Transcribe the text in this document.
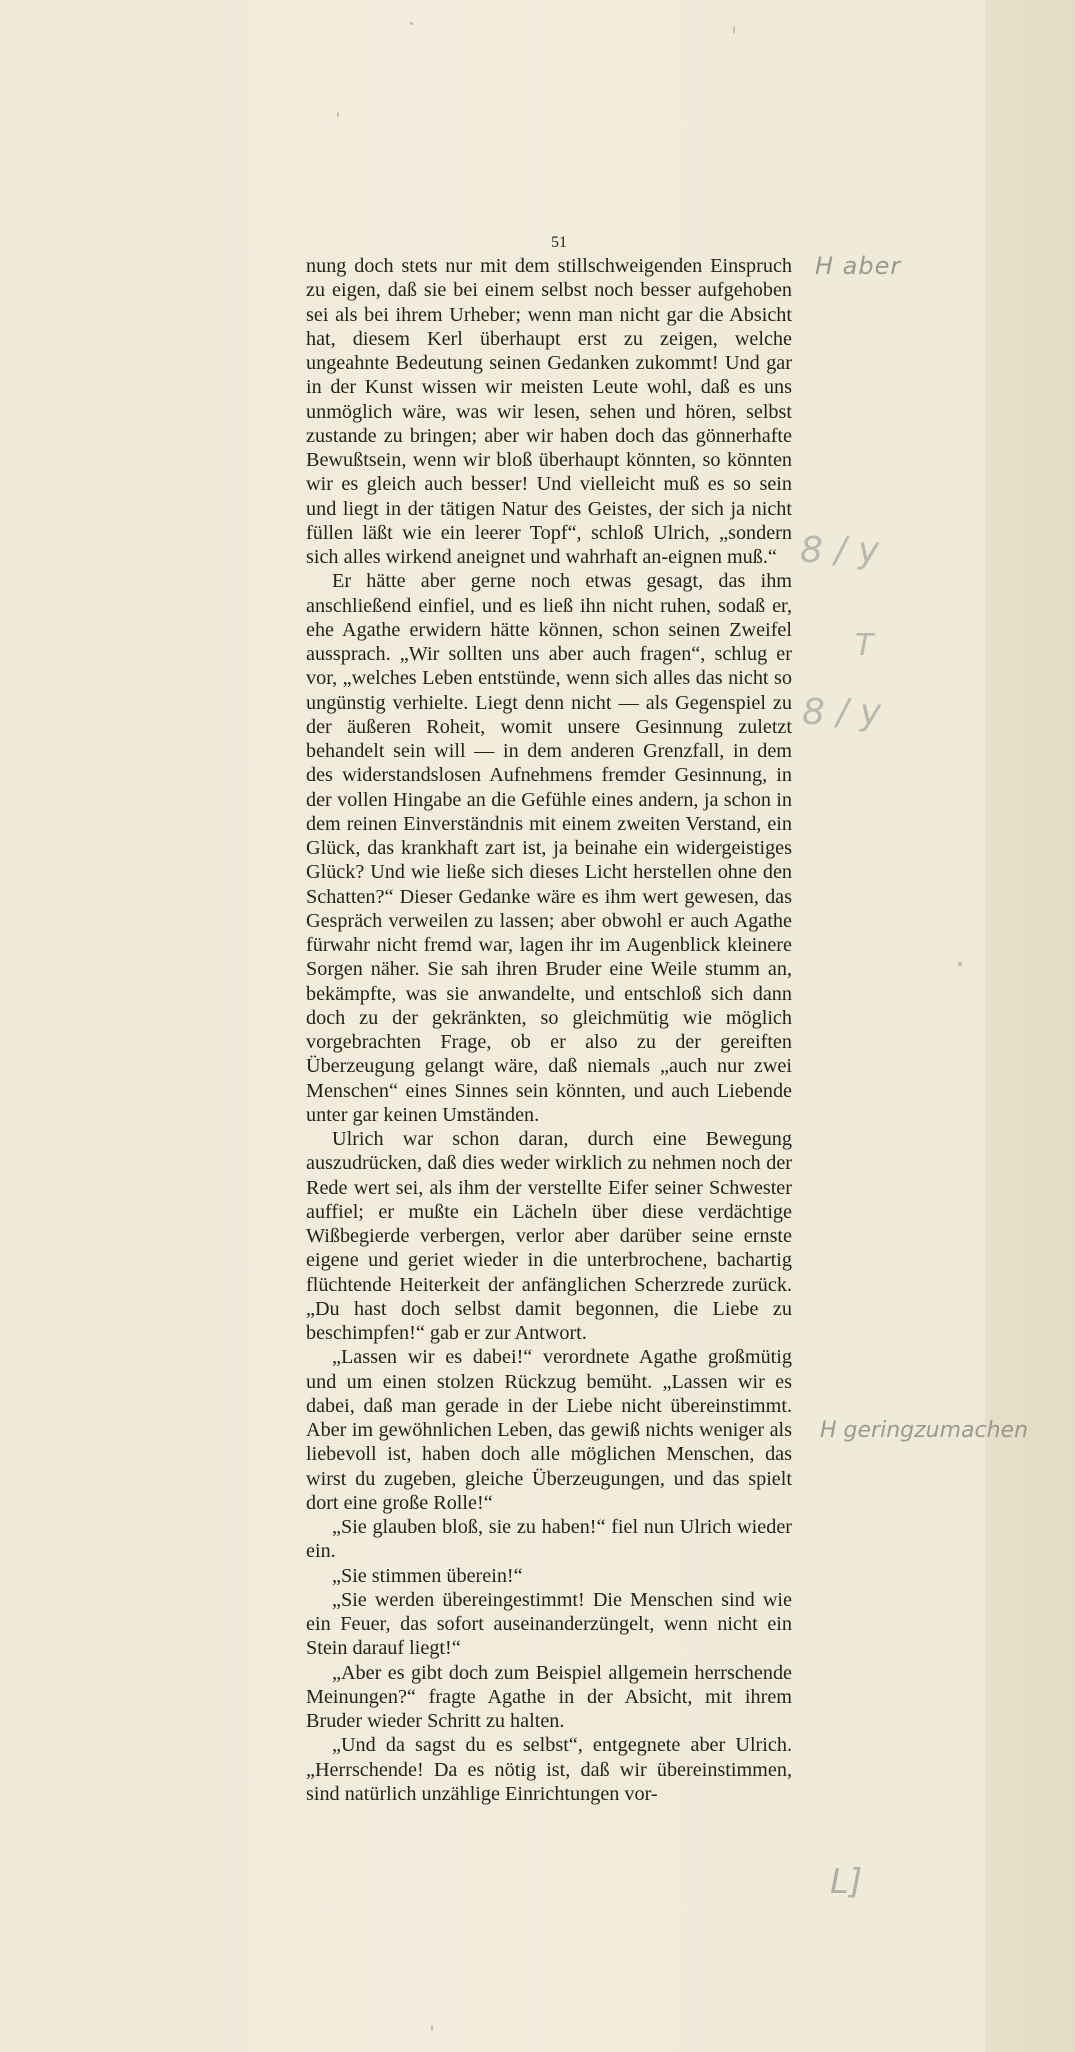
51

nung doch stets nur mit dem stillschweigenden Einspruch zu eigen, daß sie bei einem selbst noch besser aufgehoben sei als bei ihrem Urheber; wenn man nicht gar die Absicht hat, diesem Kerl überhaupt erst zu zeigen, welche ungeahnte Bedeutung seinen Gedanken zukommt! Und gar in der Kunst wissen wir meisten Leute wohl, daß es uns unmöglich wäre, was wir lesen, sehen und hören, selbst zustande zu bringen; aber wir haben doch das gönnerhafte Bewußtsein, wenn wir bloß überhaupt könnten, so könnten wir es gleich auch besser! Und vielleicht muß es so sein und liegt in der tätigen Natur des Geistes, der sich ja nicht füllen läßt wie ein leerer Topf“, schloß Ulrich, „sondern sich alles wirkend aneignet und wahrhaft an-eignen muß.“

Er hätte aber gerne noch etwas gesagt, das ihm anschließend einfiel, und es ließ ihn nicht ruhen, sodaß er, ehe Agathe erwidern hätte können, schon seinen Zweifel aussprach. „Wir sollten uns aber auch fragen“, schlug er vor, „welches Leben entstünde, wenn sich alles das nicht so ungünstig verhielte. Liegt denn nicht — als Gegenspiel zu der äußeren Roheit, womit unsere Gesinnung zuletzt behandelt sein will — in dem anderen Grenzfall, in dem des widerstandslosen Aufnehmens fremder Gesinnung, in der vollen Hingabe an die Gefühle eines andern, ja schon in dem reinen Einverständnis mit einem zweiten Verstand, ein Glück, das krankhaft zart ist, ja beinahe ein widergeistiges Glück? Und wie ließe sich dieses Licht herstellen ohne den Schatten?“ Dieser Gedanke wäre es ihm wert gewesen, das Gespräch verweilen zu lassen; aber obwohl er auch Agathe fürwahr nicht fremd war, lagen ihr im Augenblick kleinere Sorgen näher. Sie sah ihren Bruder eine Weile stumm an, bekämpfte, was sie anwandelte, und entschloß sich dann doch zu der gekränkten, so gleichmütig wie möglich vorgebrachten Frage, ob er also zu der gereiften Überzeugung gelangt wäre, daß niemals „auch nur zwei Menschen“ eines Sinnes sein könnten, und auch Liebende unter gar keinen Umständen.

Ulrich war schon daran, durch eine Bewegung auszudrücken, daß dies weder wirklich zu nehmen noch der Rede wert sei, als ihm der verstellte Eifer seiner Schwester auffiel; er mußte ein Lächeln über diese verdächtige Wißbegierde verbergen, verlor aber darüber seine ernste eigene und geriet wieder in die unterbrochene, bachartig flüchtende Heiterkeit der anfänglichen Scherzrede zurück. „Du hast doch selbst damit begonnen, die Liebe zu beschimpfen!“ gab er zur Antwort.

„Lassen wir es dabei!“ verordnete Agathe großmütig und um einen stolzen Rückzug bemüht. „Lassen wir es dabei, daß man gerade in der Liebe nicht übereinstimmt. Aber im gewöhnlichen Leben, das gewiß nichts weniger als liebevoll ist, haben doch alle möglichen Menschen, das wirst du zugeben, gleiche Überzeugungen, und das spielt dort eine große Rolle!“

„Sie glauben bloß, sie zu haben!“ fiel nun Ulrich wieder ein.

„Sie stimmen überein!“

„Sie werden übereingestimmt! Die Menschen sind wie ein Feuer, das sofort auseinanderzüngelt, wenn nicht ein Stein darauf liegt!“

„Aber es gibt doch zum Beispiel allgemein herrschende Meinungen?“ fragte Agathe in der Absicht, mit ihrem Bruder wieder Schritt zu halten.

„Und da sagst du es selbst“, entgegnete aber Ulrich. „Herrschende! Da es nötig ist, daß wir übereinstimmen, sind natürlich unzählige Einrichtungen vor-

H aber
8 / y
T
8 / y
H geringzumachen
L]
